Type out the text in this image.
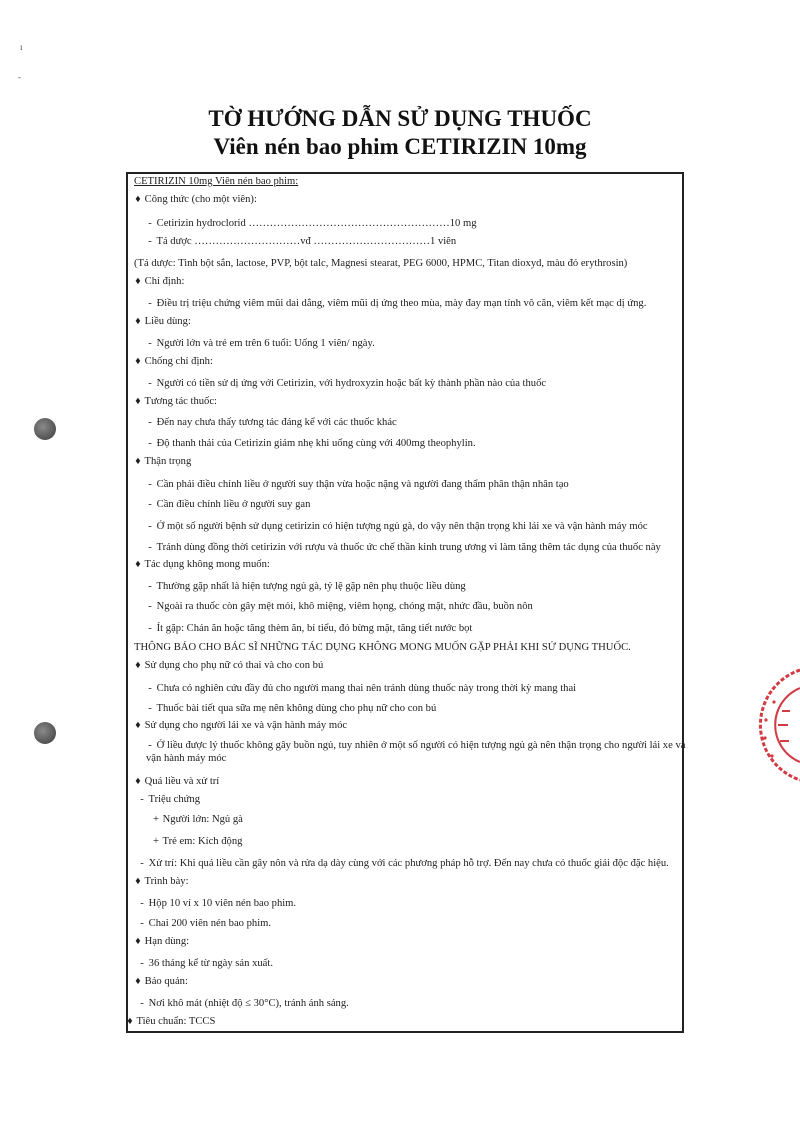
ı
-
TỜ HƯỚNG DẪN SỬ DỤNG THUỐC
Viên nén bao phim CETIRIZIN 10mg
CETIRIZIN 10mg Viên nén bao phim:
♦ Công thức (cho một viên):
- Cetirizin hydroclorid …………………………………………………10 mg
- Tá dược …………………………vđ ……………………………1 viên
(Tá dược: Tinh bột sắn, lactose, PVP, bột talc, Magnesi stearat, PEG 6000, HPMC, Titan dioxyd, màu đỏ erythrosin)
♦ Chỉ định:
- Điều trị triệu chứng viêm mũi dai dẳng, viêm mũi dị ứng theo mùa, mày đay mạn tính vô căn, viêm kết mạc dị ứng.
♦ Liều dùng:
- Người lớn và trẻ em trên 6 tuổi: Uống 1 viên/ ngày.
♦ Chống chỉ định:
- Người có tiền sử dị ứng với Cetirizin, với hydroxyzin hoặc bất kỳ thành phần nào của thuốc
♦ Tương tác thuốc:
- Đến nay chưa thấy tương tác đáng kể với các thuốc khác
- Độ thanh thải của Cetirizin giảm nhẹ khi uống cùng với 400mg theophylin.
♦ Thận trọng
- Cần phải điều chỉnh liều ở người suy thận vừa hoặc nặng và người đang thẩm phân thận nhân tạo
- Cần điều chỉnh liều ở người suy gan
- Ở một số người bệnh sử dụng cetirizin có hiện tượng ngủ gà, do vậy nên thận trọng khi lái xe và vận hành máy móc
- Tránh dùng đồng thời cetirizin với rượu và thuốc ức chế thần kinh trung ương vì làm tăng thêm tác dụng của thuốc này
♦ Tác dụng không mong muốn:
- Thường gặp nhất là hiện tượng ngủ gà, tỷ lệ gặp nên phụ thuộc liều dùng
- Ngoài ra thuốc còn gây mệt mỏi, khô miệng, viêm họng, chóng mặt, nhức đầu, buồn nôn
- Ít gặp: Chán ăn hoặc tăng thèm ăn, bí tiểu, đỏ bừng mặt, tăng tiết nước bọt
THÔNG BÁO CHO BÁC SĨ NHỮNG TÁC DỤNG KHÔNG MONG MUỐN GẶP PHẢI KHI SỬ DỤNG THUỐC.
♦ Sử dụng cho phụ nữ có thai và cho con bú
- Chưa có nghiên cứu đầy đủ cho người mang thai nên tránh dùng thuốc này trong thời kỳ mang thai
- Thuốc bài tiết qua sữa mẹ nên không dùng cho phụ nữ cho con bú
♦ Sử dụng cho người lái xe và vận hành máy móc
- Ở liều được lý thuốc không gây buồn ngủ, tuy nhiên ở một số người có hiện tượng ngủ gà nên thận trọng cho người lái xe và vận hành máy móc
♦ Quá liều và xử trí
- Triệu chứng
+ Người lớn: Ngủ gà
+ Trẻ em: Kích động
- Xử trí: Khi quá liều cần gây nôn và rửa dạ dày cùng với các phương pháp hỗ trợ. Đến nay chưa có thuốc giải độc đặc hiệu.
♦ Trình bày:
- Hộp 10 vỉ x 10 viên nén bao phim.
- Chai 200 viên nén bao phim.
♦ Hạn dùng:
- 36 tháng kể từ ngày sản xuất.
♦ Bảo quản:
- Nơi khô mát (nhiệt độ ≤ 30°C), tránh ánh sáng.
♦ Tiêu chuẩn: TCCS
